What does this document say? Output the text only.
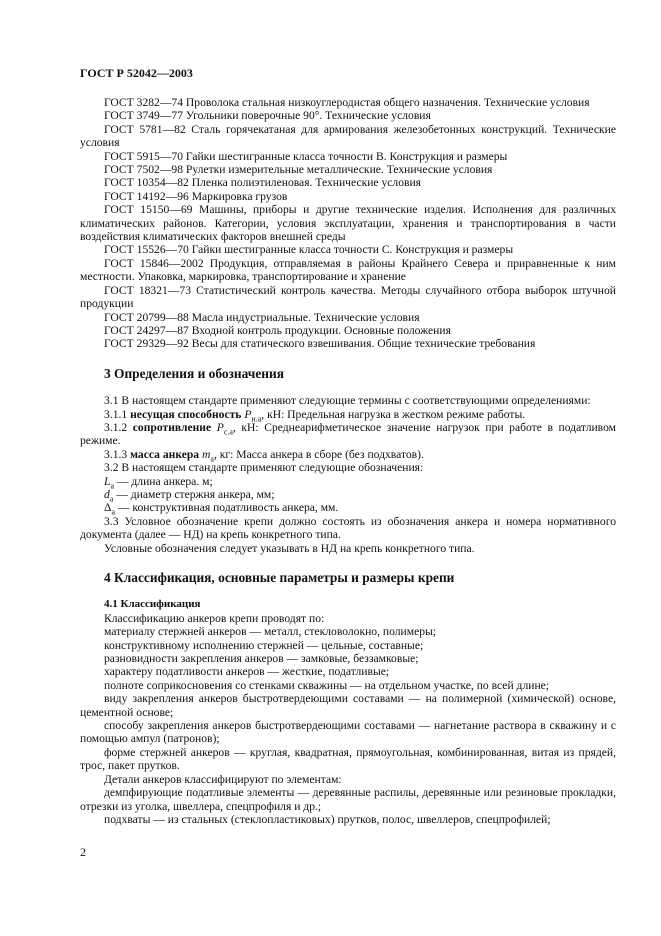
ГОСТ Р 52042—2003

ГОСТ 3282—74 Проволока стальная низкоуглеродистая общего назначения. Технические условия

ГОСТ 3749—77 Угольники поверочные 90°. Технические условия

ГОСТ 5781—82 Сталь горячекатаная для армирования железобетонных конструкций. Технические условия

ГОСТ 5915—70 Гайки шестигранные класса точности В. Конструкция и размеры

ГОСТ 7502—98 Рулетки измерительные металлические. Технические условия

ГОСТ 10354—82 Пленка полиэтиленовая. Технические условия

ГОСТ 14192—96 Маркировка грузов

ГОСТ 15150—69 Машины, приборы и другие технические изделия. Исполнения для различных климатических районов. Категории, условия эксплуатации, хранения и транспортирования в части воздействия климатических факторов внешней среды

ГОСТ 15526—70 Гайки шестигранные класса точности С. Конструкция и размеры

ГОСТ 15846—2002 Продукция, отправляемая в районы Крайнего Севера и приравненные к ним местности. Упаковка, маркировка, транспортирование и хранение

ГОСТ 18321—73 Статистический контроль качества. Методы случайного отбора выборок штучной продукции

ГОСТ 20799—88 Масла индустриальные. Технические условия

ГОСТ 24297—87 Входной контроль продукции. Основные положения

ГОСТ 29329—92 Весы для статического взвешивания. Общие технические требования

3 Определения и обозначения

3.1 В настоящем стандарте применяют следующие термины с соответствующими определениями:

3.1.1 несущая способность $P_{н.а}$, кН: Предельная нагрузка в жестком режиме работы.

3.1.2 сопротивление $P_{с.а}$, кН: Среднеарифметическое значение нагрузок при работе в податливом режиме.

3.1.3 масса анкера $m_а$, кг: Масса анкера в сборе (без подхватов).

3.2 В настоящем стандарте применяют следующие обозначения:

$L_а$ — длина анкера. м;

$d_а$ — диаметр стержня анкера, мм;

$\Delta_а$ — конструктивная податливость анкера, мм.

3.3 Условное обозначение крепи должно состоять из обозначения анкера и номера нормативного документа (далее — НД) на крепь конкретного типа.

Условные обозначения следует указывать в НД на крепь конкретного типа.

4 Классификация, основные параметры и размеры крепи
4.1 Классификация

Классификацию анкеров крепи проводят по:

материалу стержней анкеров — металл, стекловолокно, полимеры;

конструктивному исполнению стержней — цельные, составные;

разновидности закрепления анкеров — замковые, беззамковые;

характеру податливости анкеров — жесткие, податливые;

полноте соприкосновения со стенками скважины — на отдельном участке, по всей длине;

виду закрепления анкеров быстротвердеющими составами — на полимерной (химической) основе, цементной основе;

способу закрепления анкеров быстротвердеющими составами — нагнетание раствора в скважину и с помощью ампул (патронов);

форме стержней анкеров — круглая, квадратная, прямоугольная, комбинированная, витая из прядей, трос, пакет прутков.

Детали анкеров классифицируют по элементам:

демпфирующие податливые элементы — деревянные распилы, деревянные или резиновые прокладки, отрезки из уголка, швеллера, спецпрофиля и др.;

подхваты — из стальных (стеклопластиковых) прутков, полос, швеллеров, спецпрофилей;

2
